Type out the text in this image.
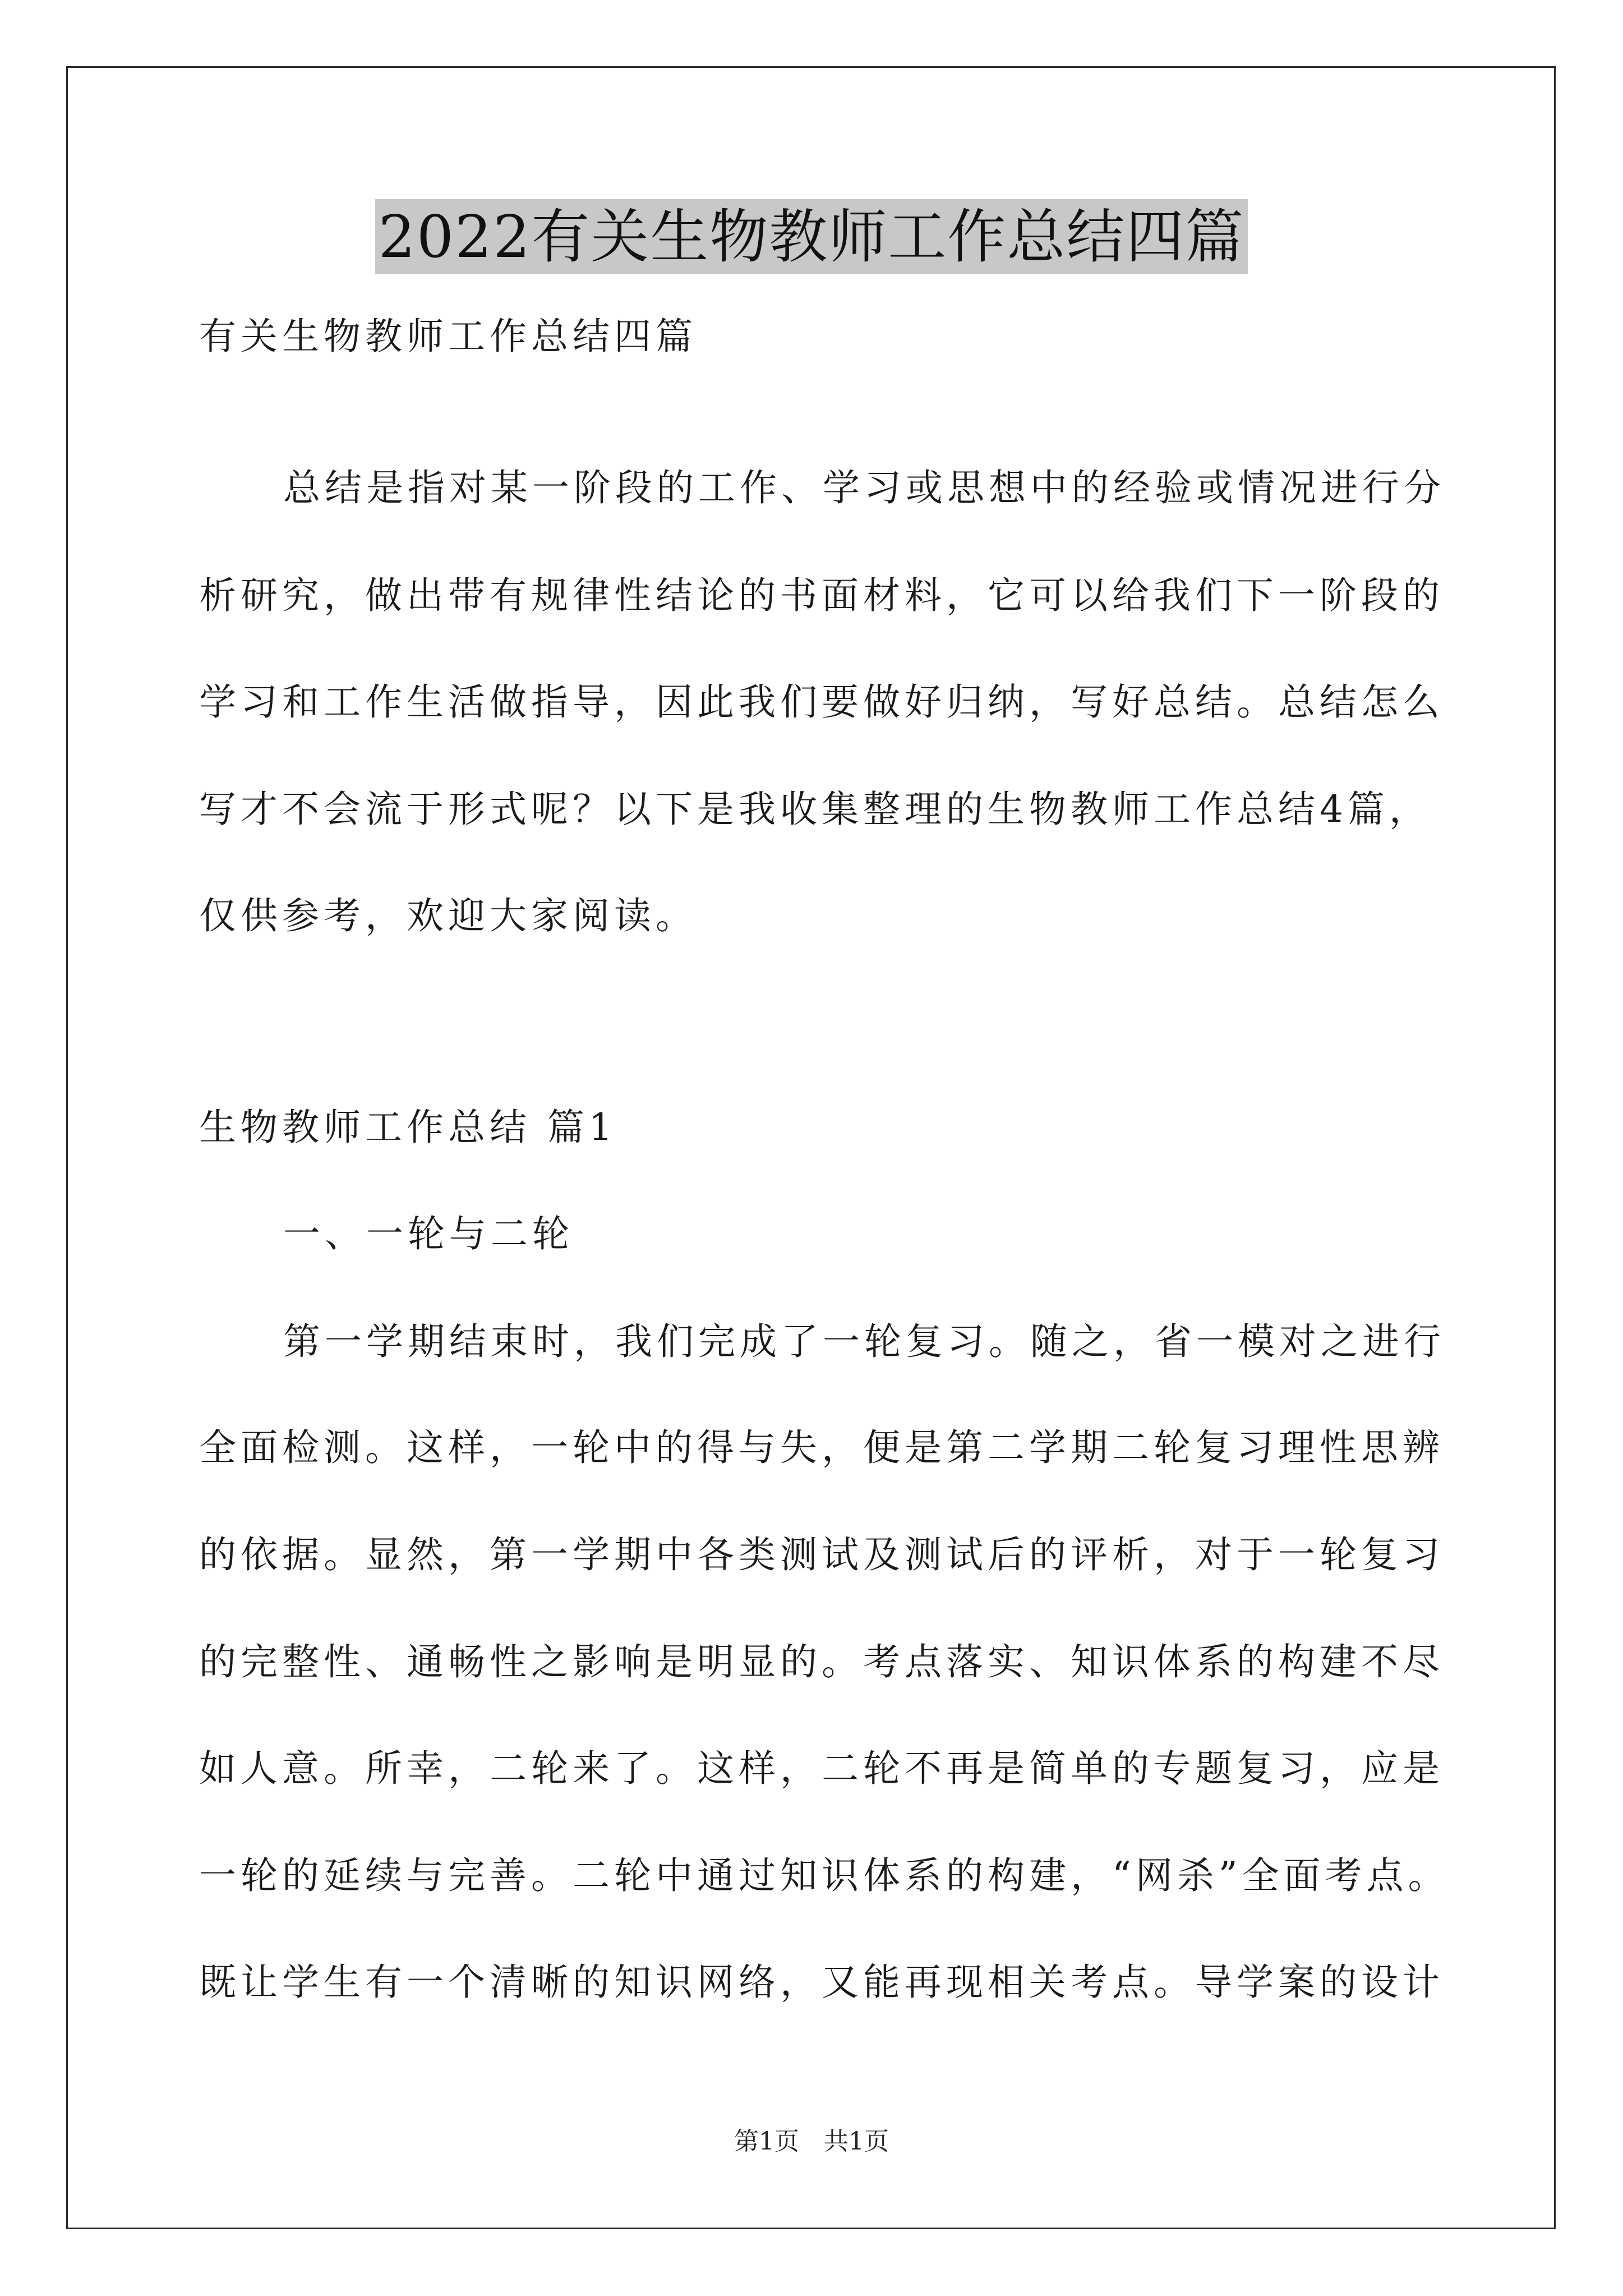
2022有关生物教师工作总结四篇
有关生物教师工作总结四篇
总结是指对某一阶段的工作、学习或思想中的经验或情况进行分
析研究，做出带有规律性结论的书面材料，它可以给我们下一阶段的
学习和工作生活做指导，因此我们要做好归纳，写好总结。总结怎么
写才不会流于形式呢？以下是我收集整理的生物教师工作总结4篇，
仅供参考，欢迎大家阅读。
生物教师工作总结 篇1
一、一轮与二轮
第一学期结束时，我们完成了一轮复习。随之，省一模对之进行
全面检测。这样，一轮中的得与失，便是第二学期二轮复习理性思辨
的依据。显然，第一学期中各类测试及测试后的评析，对于一轮复习
的完整性、通畅性之影响是明显的。考点落实、知识体系的构建不尽
如人意。所幸，二轮来了。这样，二轮不再是简单的专题复习，应是
一轮的延续与完善。二轮中通过知识体系的构建，“网杀”全面考点。
既让学生有一个清晰的知识网络，又能再现相关考点。导学案的设计
第1页 共1页
